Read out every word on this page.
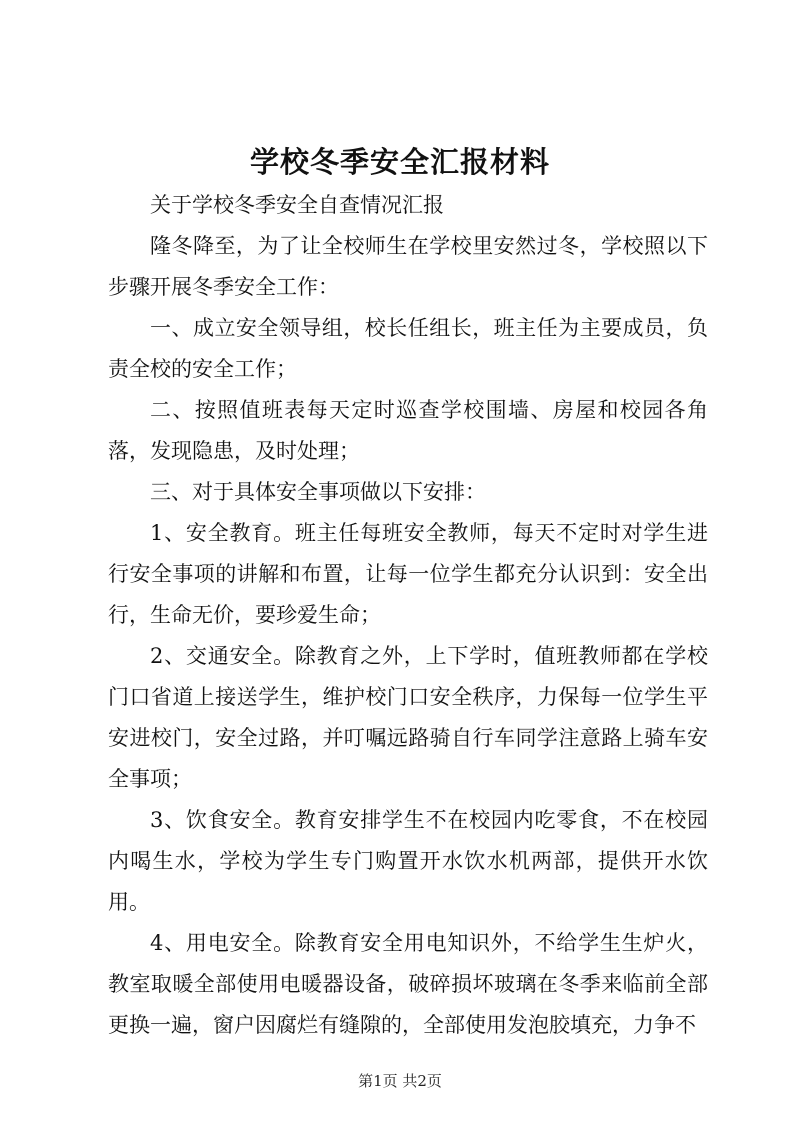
学校冬季安全汇报材料

关于学校冬季安全自查情况汇报

隆冬降至，为了让全校师生在学校里安然过冬，学校照以下步骤开展冬季安全工作：

一、成立安全领导组，校长任组长，班主任为主要成员，负责全校的安全工作；

二、按照值班表每天定时巡查学校围墙、房屋和校园各角落，发现隐患，及时处理；

三、对于具体安全事项做以下安排：

1、安全教育。班主任每班安全教师，每天不定时对学生进行安全事项的讲解和布置，让每一位学生都充分认识到：安全出行，生命无价，要珍爱生命；

2、交通安全。除教育之外，上下学时，值班教师都在学校门口省道上接送学生，维护校门口安全秩序，力保每一位学生平安进校门，安全过路，并叮嘱远路骑自行车同学注意路上骑车安全事项；

3、饮食安全。教育安排学生不在校园内吃零食，不在校园内喝生水，学校为学生专门购置开水饮水机两部，提供开水饮用。

4、用电安全。除教育安全用电知识外，不给学生生炉火，教室取暖全部使用电暖器设备，破碎损坏玻璃在冬季来临前全部更换一遍，窗户因腐烂有缝隙的，全部使用发泡胶填充，力争不

第1页 共2页
